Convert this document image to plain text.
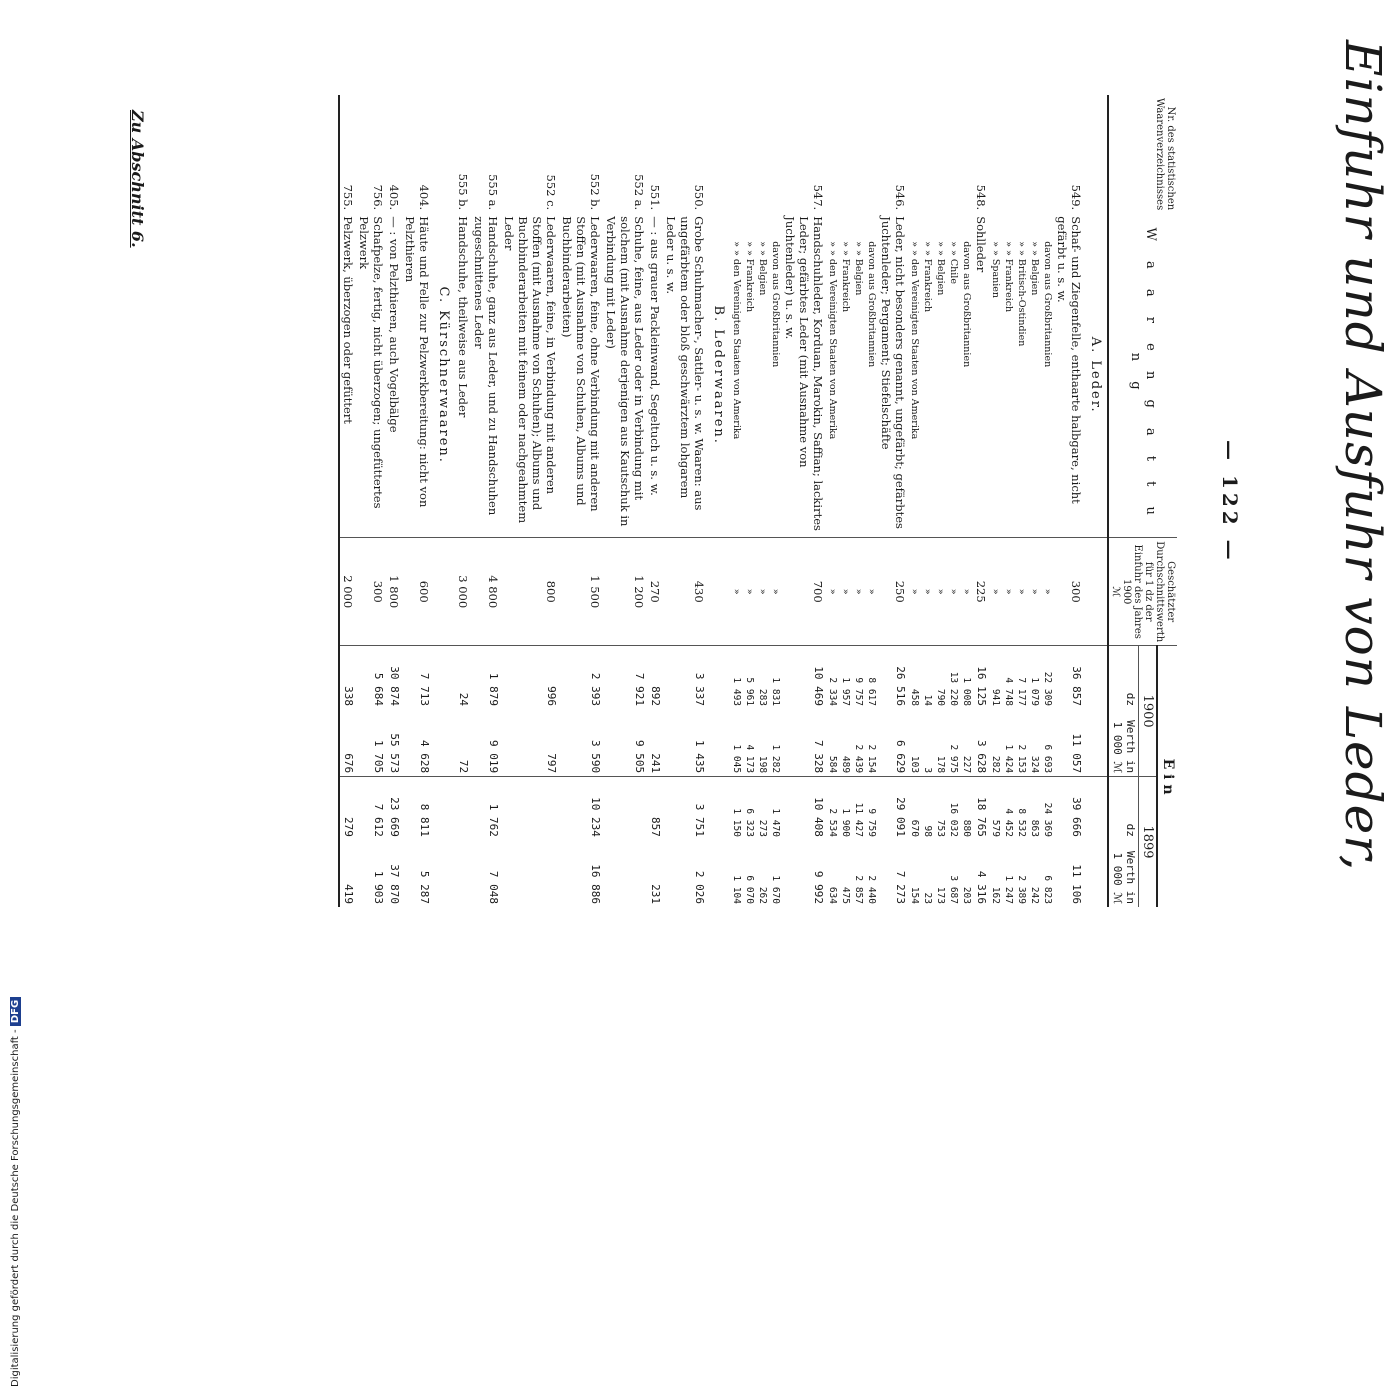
Einfuhr und Ausfuhr von Leder,
— 122 —
Zu Abschnitt 6.	Nr. des statistischen Waarenverzeichnisses	W a a r e n g a t t u n g	Geschätzter Durchschnittswerth für 1 dz der Einfuhr des Jahres 1900
ℳ	E i n			
			1900		1899	
			dz	Werth in 1 000 ℳ	dz	Werth in 1 000 ℳ
	A. Leder.					
549.	Schaf- und Ziegenfelle, enthaarte halbgare, nicht gefärbt u. s. w.	300	36 857	11 057	39 666	11 106
	davon aus Großbritannien	»	22 309	6 693	24 369	6 823
	» » Belgien	»	1 079	324	863	242
	» » Britisch-Ostindien	»	7 177	2 153	8 532	2 389
	» » Frankreich	»	4 748	1 424	4 452	1 247
	» » Spanien	»	941	282	579	162
548.	Sohlleder	225	16 125	3 628	18 765	4 316
	davon aus Großbritannien	»	1 008	227	880	203
	» » Chile	»	13 220	2 975	16 032	3 687
	» » Belgien	»	790	178	753	173
	» » Frankreich	»	14	3	98	23
	» » den Vereinigten Staaten von Amerika	»	458	103	670	154
546.	Leder, nicht besonders genannt, ungefärbt; gefärbtes Juchtenleder; Pergament; Stiefelschäfte	250	26 516	6 629	29 091	7 273
	davon aus Großbritannien	»	8 617	2 154	9 759	2 440
	» » Belgien	»	9 757	2 439	11 427	2 857
	» » Frankreich	»	1 957	489	1 900	475
	» » den Vereinigten Staaten von Amerika	»	2 334	584	2 534	634
547.	Handschuhleder, Korduan, Marokin, Saffian; lackirtes Leder; gefärbtes Leder (mit Ausnahme von Juchtenleder) u. s. w.	700	10 469	7 328	10 408	9 992
	davon aus Großbritannien	»	1 831	1 282	1 470	1 670
	» » Belgien	»	283	198	273	262
	» » Frankreich	»	5 961	4 173	6 323	6 070
	» » den Vereinigten Staaten von Amerika	»	1 493	1 045	1 150	1 104
	B. Lederwaaren.					
550.	Grobe Schuhmacher-, Sattler- u. s. w. Waaren: aus ungefärbtem oder bloß geschwärztem lohgarem Leder u. s. w.	430	3 337	1 435	3 751	2 026
551.	— : aus grauer Packleinwand, Segeltuch u. s. w.	270	892	241	857	231
552 a.	Schuhe, feine, aus Leder oder in Verbindung mit solchem (mit Ausnahme derjenigen aus Kautschuk in Verbindung mit Leder)	1 200	7 921	9 505		
552 b.	Lederwaaren, feine, ohne Verbindung mit anderen Stoffen (mit Ausnahme von Schuhen, Albums und Buchbinderarbeiten)	1 500	2 393	3 590	10 234	16 886
552 c.	Lederwaaren, feine, in Verbindung mit anderen Stoffen (mit Ausnahme von Schuhen); Albums und Buchbinderarbeiten mit feinem oder nachgeahmtem Leder	800	996	797		
555 a.	Handschuhe, ganz aus Leder, und zu Handschuhen zugeschnittenes Leder	4 800	1 879	9 019	1 762	7 048
555 b.	Handschuhe, theilweise aus Leder	3 000	24	72		
	C. Kürschnerwaaren.					
404.	Häute und Felle zur Pelzwerkbereitung: nicht von Pelzthieren	600	7 713	4 628	8 811	5 287
405.	— : von Pelzthieren, auch Vogelbälge	1 800	30 874	55 573	23 669	37 870
756.	Schafpelze, fertig, nicht überzogen; ungefüttertes Pelzwerk	300	5 684	1 705	7 612	1 903
755.	Pelzwerk, überzogen oder gefüttert	2 000	338	676	279	419
Digitalisierung gefördert durch die Deutsche Forschungsgemeinschaft - DFG
